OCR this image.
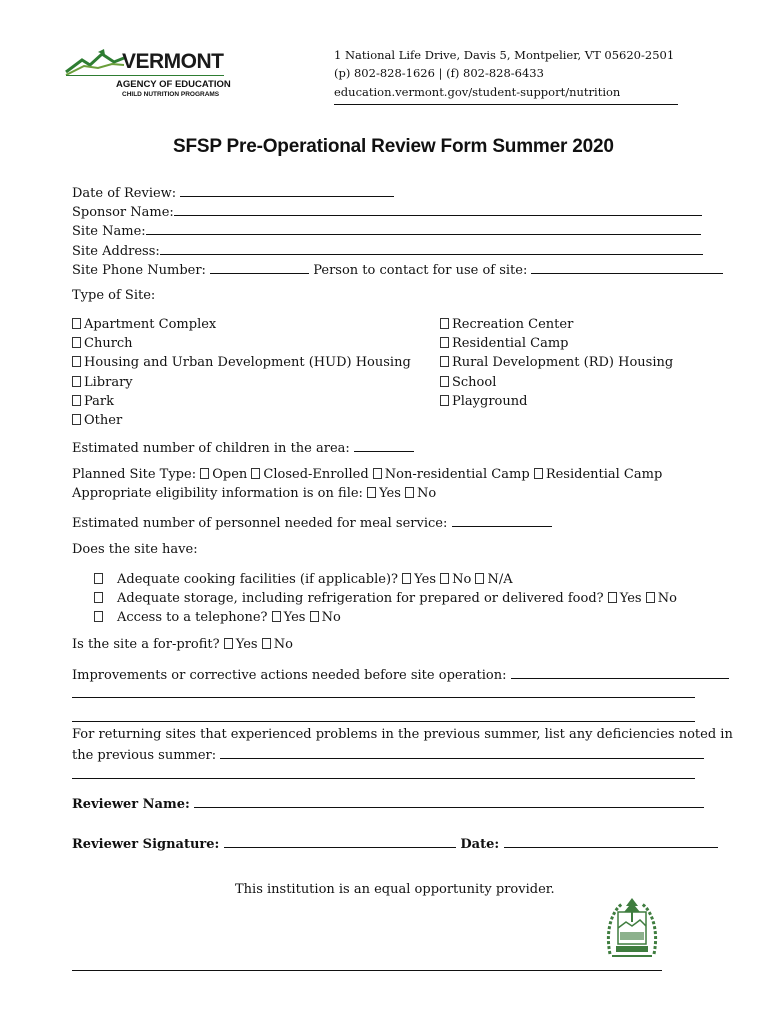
VERMONT
AGENCY OF EDUCATION
CHILD NUTRITION PROGRAMS
1 National Life Drive, Davis 5, Montpelier, VT 05620-2501
(p) 802-828-1626 | (f) 802-828-6433
education.vermont.gov/student-support/nutrition
SFSP Pre-Operational Review Form Summer 2020
Date of Review:
Sponsor Name:
Site Name:
Site Address:
Site Phone Number:	Person to contact for use of site:
Type of Site:
Apartment Complex
Church
Housing and Urban Development (HUD) Housing
Library
Park
Other
Recreation Center
Residential Camp
Rural Development (RD) Housing
School
Playground
Estimated number of children in the area:
Planned Site Type: Open Closed-Enrolled Non-residential Camp Residential Camp
Appropriate eligibility information is on file: Yes No
Estimated number of personnel needed for meal service:
Does the site have:
Adequate cooking facilities (if applicable)? Yes No N/A
Adequate storage, including refrigeration for prepared or delivered food? Yes No
Access to a telephone? Yes No
Is the site a for-profit? Yes No
Improvements or corrective actions needed before site operation:
For returning sites that experienced problems in the previous summer, list any deficiencies noted in
the previous summer:
Reviewer Name:
Reviewer Signature:	Date:
This institution is an equal opportunity provider.
